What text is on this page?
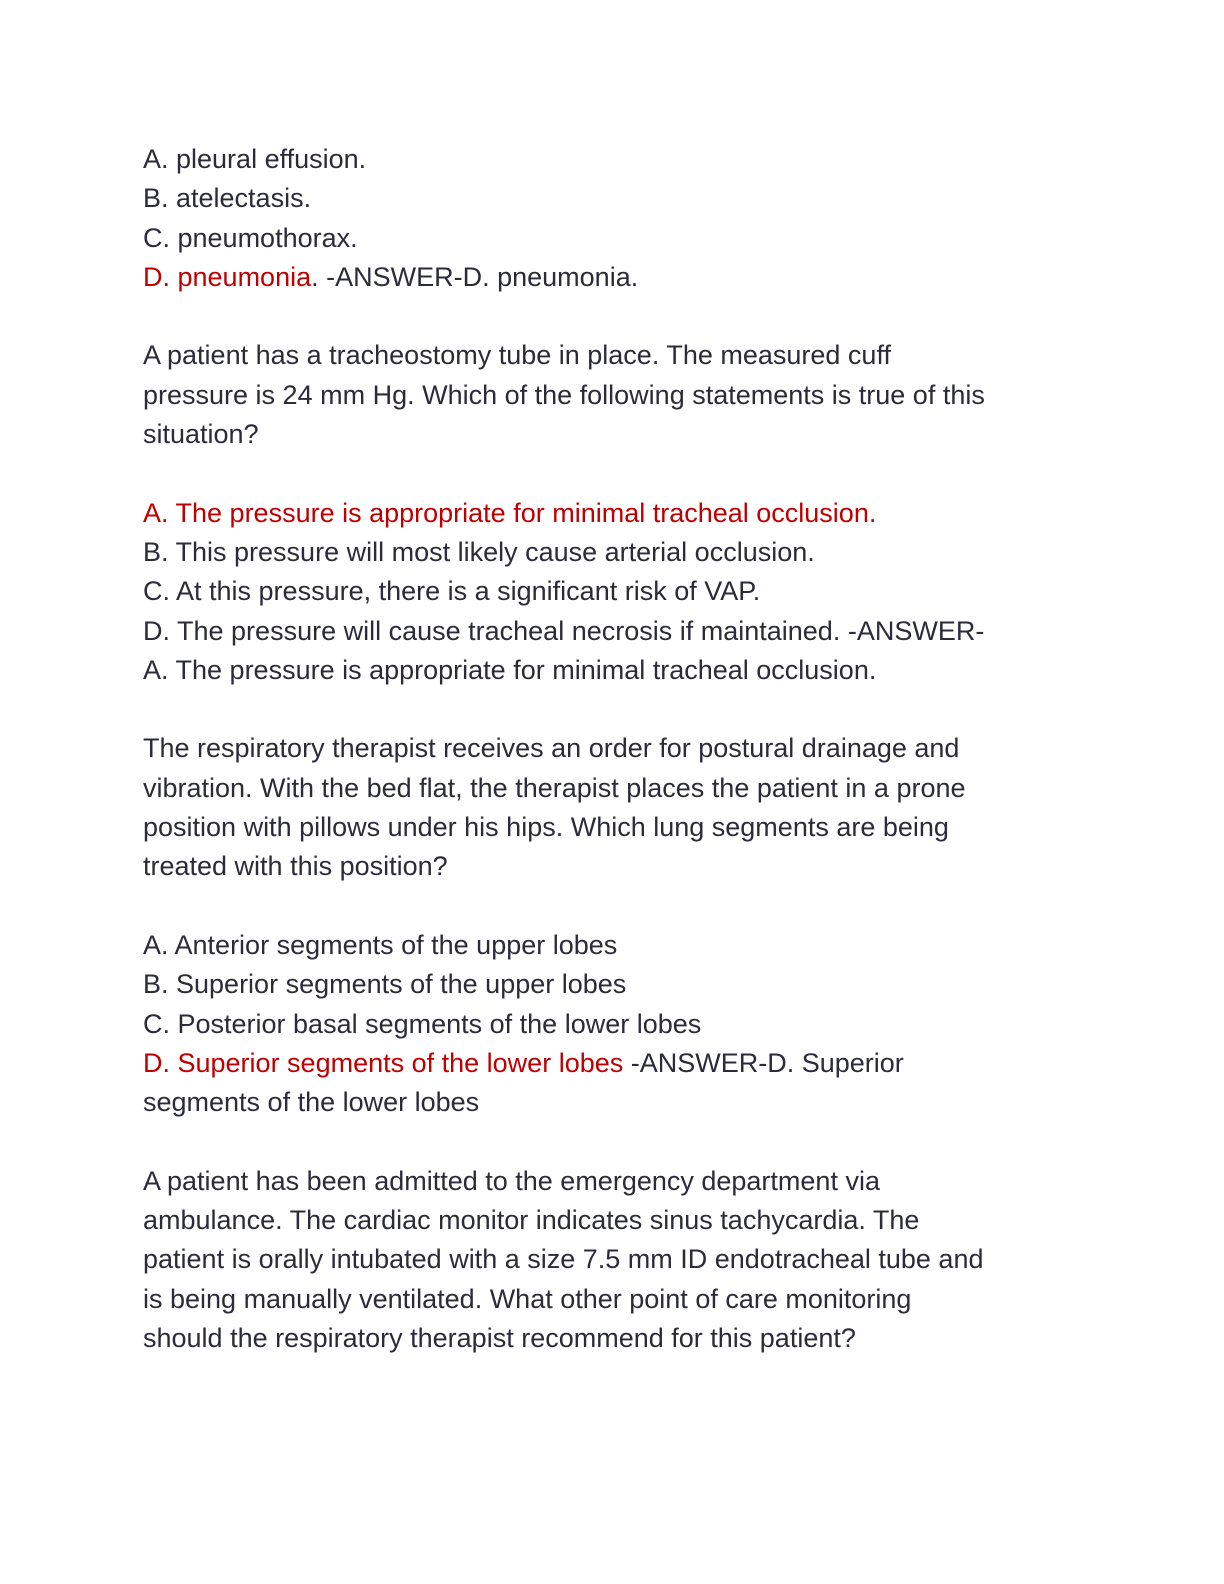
A. pleural effusion.
B. atelectasis.
C. pneumothorax.
D. pneumonia. -ANSWER-D. pneumonia.
A patient has a tracheostomy tube in place. The measured cuff
pressure is 24 mm Hg. Which of the following statements is true of this
situation?
A. The pressure is appropriate for minimal tracheal occlusion.
B. This pressure will most likely cause arterial occlusion.
C. At this pressure, there is a significant risk of VAP.
D. The pressure will cause tracheal necrosis if maintained. -ANSWER-
A. The pressure is appropriate for minimal tracheal occlusion.
The respiratory therapist receives an order for postural drainage and
vibration. With the bed flat, the therapist places the patient in a prone
position with pillows under his hips. Which lung segments are being
treated with this position?
A. Anterior segments of the upper lobes
B. Superior segments of the upper lobes
C. Posterior basal segments of the lower lobes
D. Superior segments of the lower lobes -ANSWER-D. Superior
segments of the lower lobes
A patient has been admitted to the emergency department via
ambulance. The cardiac monitor indicates sinus tachycardia. The
patient is orally intubated with a size 7.5 mm ID endotracheal tube and
is being manually ventilated. What other point of care monitoring
should the respiratory therapist recommend for this patient?
